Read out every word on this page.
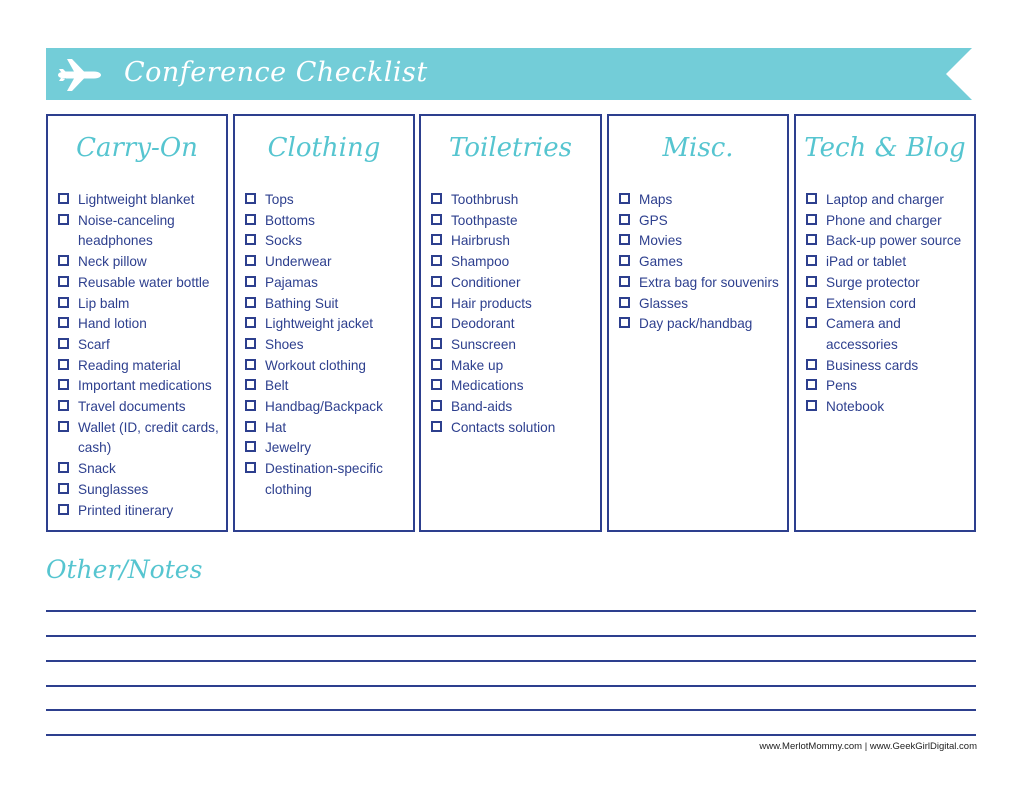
Conference Checklist
Carry-On
Lightweight blanket
Noise-canceling headphones
Neck pillow
Reusable water bottle
Lip balm
Hand lotion
Scarf
Reading material
Important medications
Travel documents
Wallet (ID, credit cards, cash)
Snack
Sunglasses
Printed itinerary
Clothing
Tops
Bottoms
Socks
Underwear
Pajamas
Bathing Suit
Lightweight jacket
Shoes
Workout clothing
Belt
Handbag/Backpack
Hat
Jewelry
Destination-specific clothing
Toiletries
Toothbrush
Toothpaste
Hairbrush
Shampoo
Conditioner
Hair products
Deodorant
Sunscreen
Make up
Medications
Band-aids
Contacts solution
Misc.
Maps
GPS
Movies
Games
Extra bag for souvenirs
Glasses
Day pack/handbag
Tech & Blog
Laptop and charger
Phone and charger
Back-up power source
iPad or tablet
Surge protector
Extension cord
Camera and accessories
Business cards
Pens
Notebook
Other/Notes
www.MerlotMommy.com | www.GeekGirlDigital.com
